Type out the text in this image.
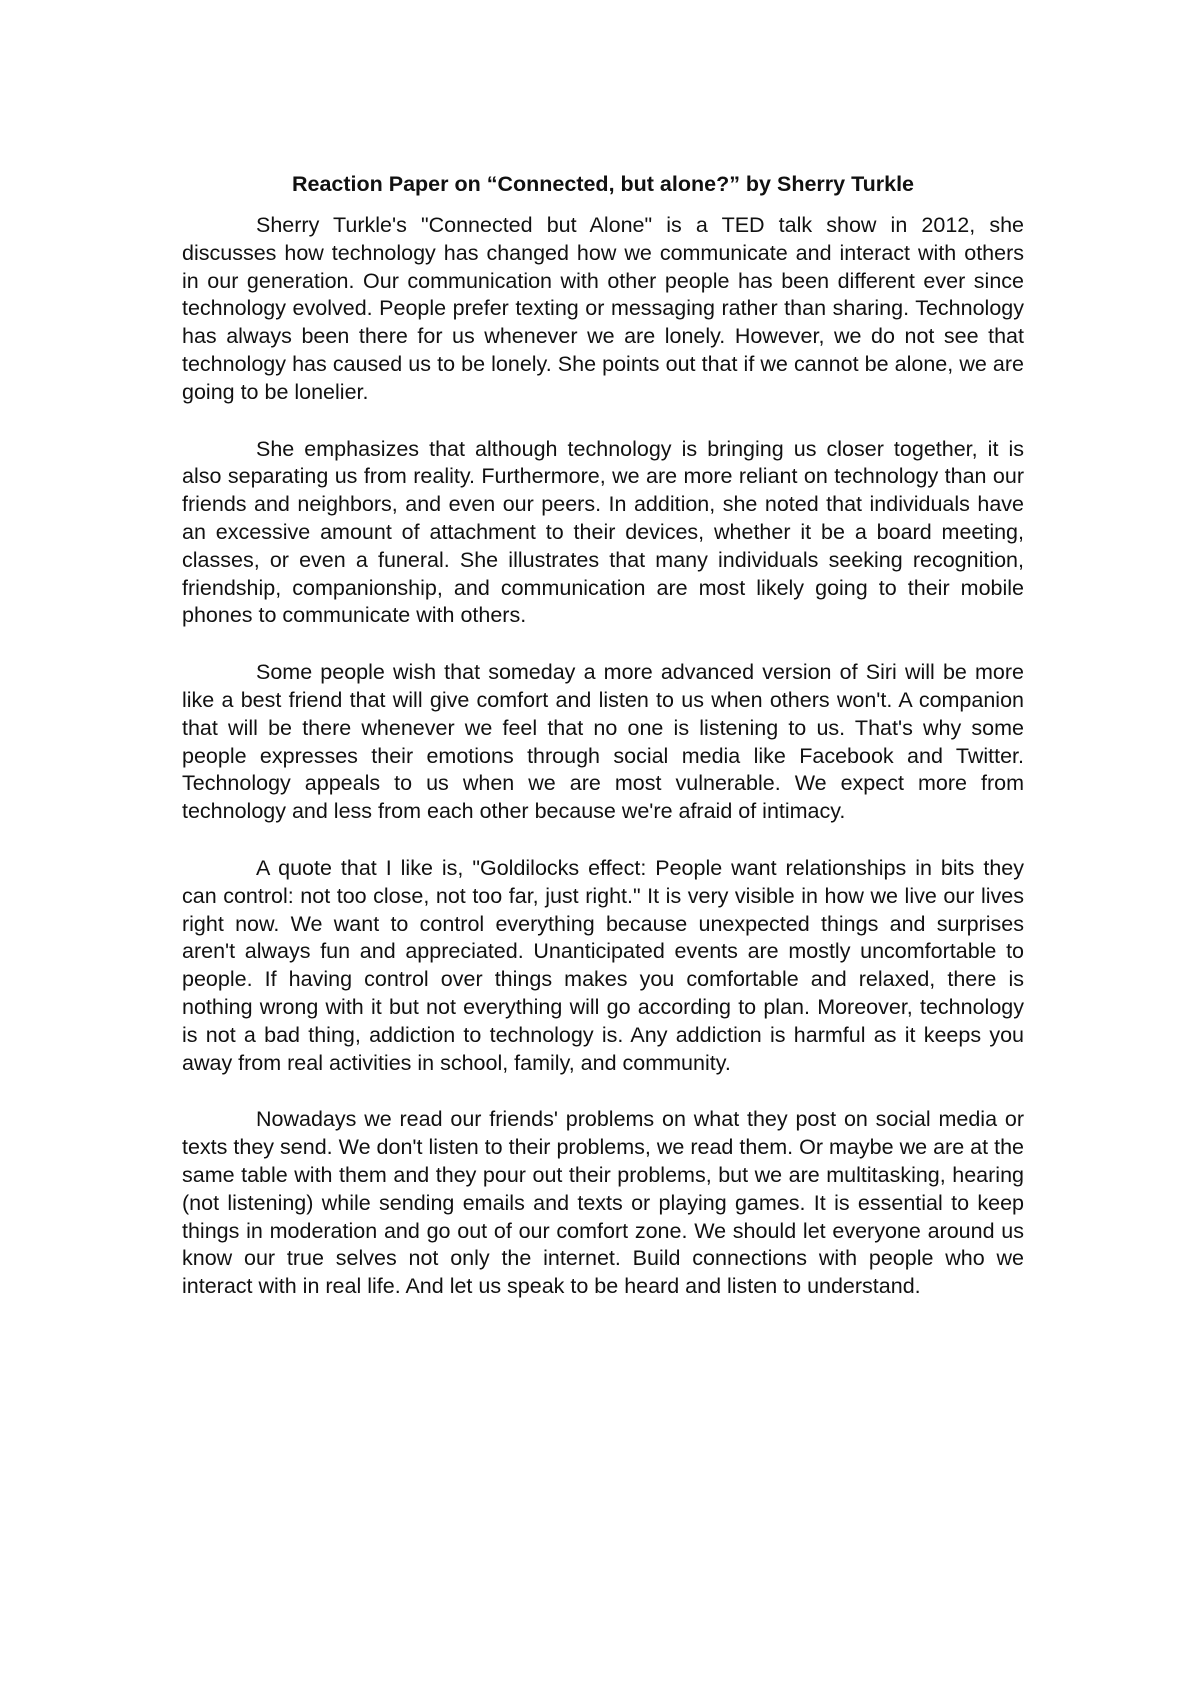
Reaction Paper on “Connected, but alone?” by Sherry Turkle

Sherry Turkle's "Connected but Alone" is a TED talk show in 2012, she discusses how technology has changed how we communicate and interact with others in our generation. Our communication with other people has been different ever since technology evolved. People prefer texting or messaging rather than sharing. Technology has always been there for us whenever we are lonely. However, we do not see that technology has caused us to be lonely. She points out that if we cannot be alone, we are going to be lonelier.

She emphasizes that although technology is bringing us closer together, it is also separating us from reality. Furthermore, we are more reliant on technology than our friends and neighbors, and even our peers. In addition, she noted that individuals have an excessive amount of attachment to their devices, whether it be a board meeting, classes, or even a funeral. She illustrates that many individuals seeking recognition, friendship, companionship, and communication are most likely going to their mobile phones to communicate with others.

Some people wish that someday a more advanced version of Siri will be more like a best friend that will give comfort and listen to us when others won't. A companion that will be there whenever we feel that no one is listening to us. That's why some people expresses their emotions through social media like Facebook and Twitter. Technology appeals to us when we are most vulnerable. We expect more from technology and less from each other because we're afraid of intimacy.

A quote that I like is, "Goldilocks effect: People want relationships in bits they can control: not too close, not too far, just right." It is very visible in how we live our lives right now. We want to control everything because unexpected things and surprises aren't always fun and appreciated. Unanticipated events are mostly uncomfortable to people. If having control over things makes you comfortable and relaxed, there is nothing wrong with it but not everything will go according to plan. Moreover, technology is not a bad thing, addiction to technology is. Any addiction is harmful as it keeps you away from real activities in school, family, and community.

Nowadays we read our friends' problems on what they post on social media or texts they send. We don't listen to their problems, we read them. Or maybe we are at the same table with them and they pour out their problems, but we are multitasking, hearing (not listening) while sending emails and texts or playing games. It is essential to keep things in moderation and go out of our comfort zone. We should let everyone around us know our true selves not only the internet. Build connections with people who we interact with in real life. And let us speak to be heard and listen to understand.
